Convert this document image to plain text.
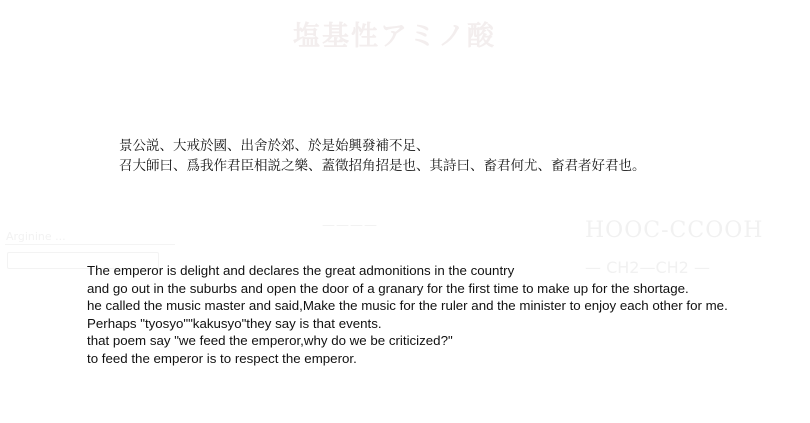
塩基性アミノ酸
————	HOOC-CCOOH
— CH2—CH2 —
Arginine ...
景公説、大戒於國、出舍於郊、於是始興發補不足、
召大師曰、爲我作君臣相説之樂、蓋徵招角招是也、其詩曰、畜君何尤、畜君者好君也。
The emperor is delight and declares the great admonitions in the country
and go out in the suburbs and open the door of a granary for the first time to make up for the shortage.
he called the music master and said,Make the music for the ruler and the minister to enjoy each other for me.
Perhaps "tyosyo""kakusyo"they say is that events.
that poem say "we feed the emperor,why do we be criticized?"
to feed the emperor is to respect the emperor.
